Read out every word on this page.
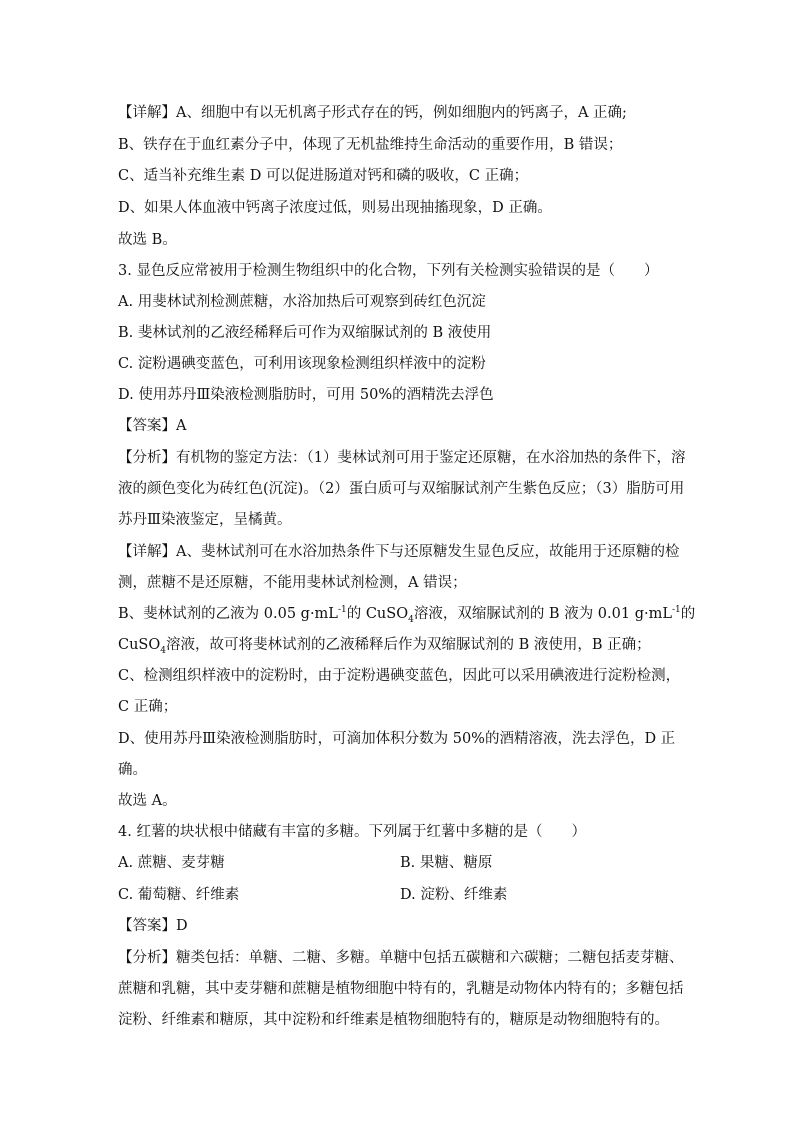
【详解】A、细胞中有以无机离子形式存在的钙，例如细胞内的钙离子，A 正确;
B、铁存在于血红素分子中，体现了无机盐维持生命活动的重要作用，B 错误；
C、适当补充维生素 D 可以促进肠道对钙和磷的吸收，C 正确；
D、如果人体血液中钙离子浓度过低，则易出现抽搐现象，D 正确。
故选 B。
3. 显色反应常被用于检测生物组织中的化合物，下列有关检测实验错误的是（　　）
A. 用斐林试剂检测蔗糖，水浴加热后可观察到砖红色沉淀
B. 斐林试剂的乙液经稀释后可作为双缩脲试剂的 B 液使用
C. 淀粉遇碘变蓝色，可利用该现象检测组织样液中的淀粉
D. 使用苏丹Ⅲ染液检测脂肪时，可用 50%的酒精洗去浮色
【答案】A
【分析】有机物的鉴定方法：（1）斐林试剂可用于鉴定还原糖，在水浴加热的条件下，溶
液的颜色变化为砖红色(沉淀)。（2）蛋白质可与双缩脲试剂产生紫色反应；（3）脂肪可用
苏丹Ⅲ染液鉴定，呈橘黄。
【详解】A、斐林试剂可在水浴加热条件下与还原糖发生显色反应，故能用于还原糖的检
测，蔗糖不是还原糖，不能用斐林试剂检测，A 错误；
B、斐林试剂的乙液为 0.05 $g\cdot mL^{-1}$的 CuSO$_4$溶液，双缩脲试剂的 B 液为 0.01 $g\cdot mL^{-1}$的
CuSO$_4$溶液，故可将斐林试剂的乙液稀释后作为双缩脲试剂的 B 液使用，B 正确；
C、检测组织样液中的淀粉时，由于淀粉遇碘变蓝色，因此可以采用碘液进行淀粉检测，
C 正确；
D、使用苏丹Ⅲ染液检测脂肪时，可滴加体积分数为 50%的酒精溶液，洗去浮色，D 正
确。
故选 A。
4. 红薯的块状根中储藏有丰富的多糖。下列属于红薯中多糖的是（　　）
A. 蔗糖、麦芽糖	B. 果糖、糖原
C. 葡萄糖、纤维素	D. 淀粉、纤维素
【答案】D
【分析】糖类包括：单糖、二糖、多糖。单糖中包括五碳糖和六碳糖；二糖包括麦芽糖、
蔗糖和乳糖，其中麦芽糖和蔗糖是植物细胞中特有的，乳糖是动物体内特有的；多糖包括
淀粉、纤维素和糖原，其中淀粉和纤维素是植物细胞特有的，糖原是动物细胞特有的。
